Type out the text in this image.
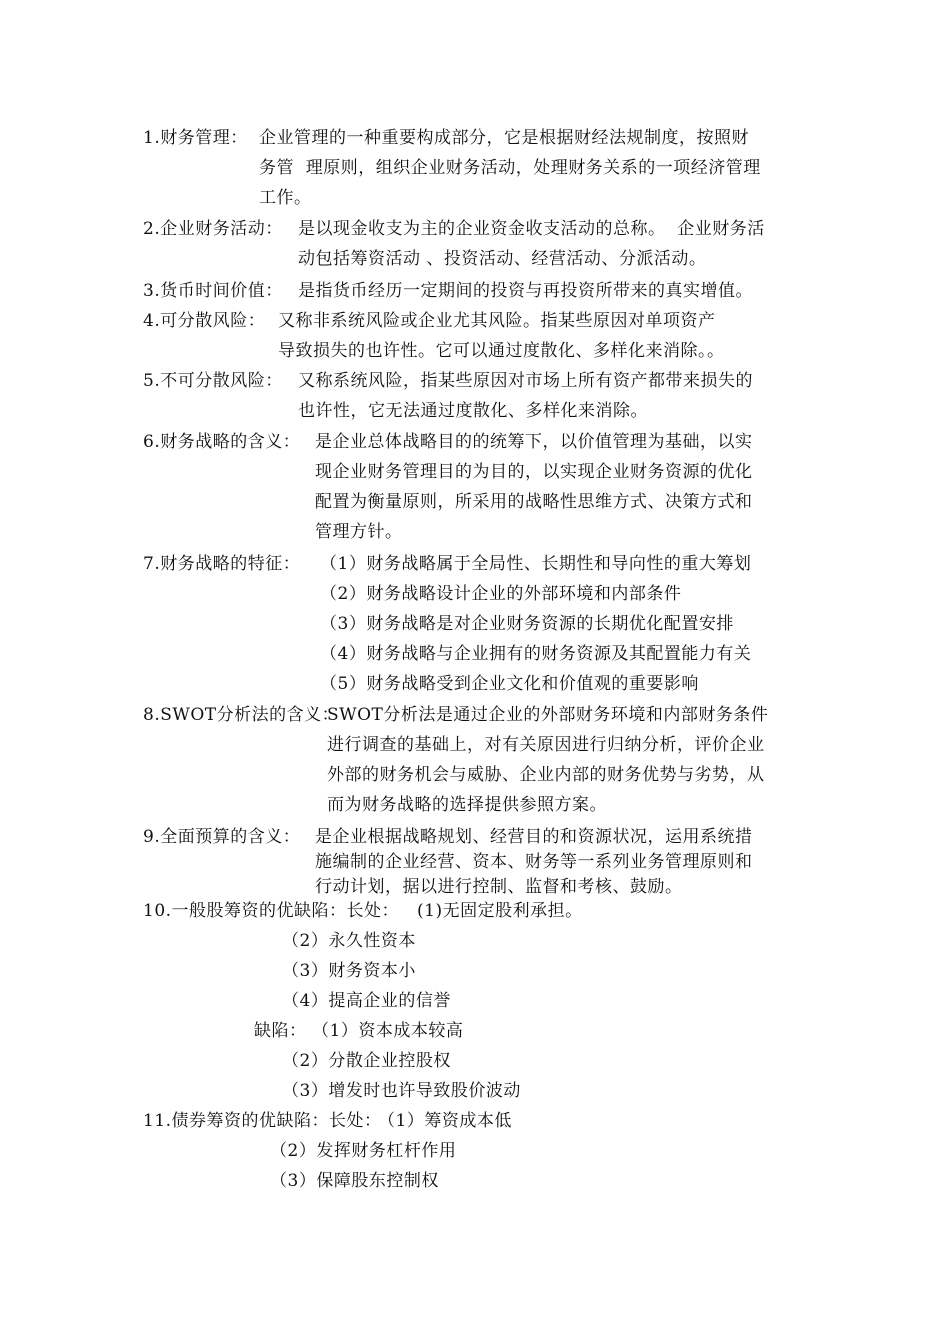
1.财务管理： 企业管理的一种重要构成部分，它是根据财经法规制度，按照财
务管  理原则，组织企业财务活动，处理财务关系的一项经济管理
工作。
2.企业财务活动： 是以现金收支为主的企业资金收支活动的总称。  企业财务活
动包括筹资活动 、投资活动、经营活动、分派活动。
3.货币时间价值： 是指货币经历一定期间的投资与再投资所带来的真实增值。
4.可分散风险： 又称非系统风险或企业尤其风险。指某些原因对单项资产
导致损失的也许性。它可以通过度散化、多样化来消除。。
5.不可分散风险： 又称系统风险，指某些原因对市场上所有资产都带来损失的
也许性，它无法通过度散化、多样化来消除。
6.财务战略的含义： 是企业总体战略目的的统筹下，以价值管理为基础，以实
现企业财务管理目的为目的，以实现企业财务资源的优化
配置为衡量原则，所采用的战略性思维方式、决策方式和
管理方针。
7.财务战略的特征： （1）财务战略属于全局性、长期性和导向性的重大筹划
（2）财务战略设计企业的外部环境和内部条件
（3）财务战略是对企业财务资源的长期优化配置安排
（4）财务战略与企业拥有的财务资源及其配置能力有关
（5）财务战略受到企业文化和价值观的重要影响
8.SWOT分析法的含义：
SWOT分析法是通过企业的外部财务环境和内部财务条件
进行调查的基础上，对有关原因进行归纳分析，评价企业
外部的财务机会与威胁、企业内部的财务优势与劣势，从
而为财务战略的选择提供参照方案。
9.全面预算的含义： 是企业根据战略规划、经营目的和资源状况，运用系统措
施编制的企业经营、资本、财务等一系列业务管理原则和
行动计划，据以进行控制、监督和考核、鼓励。
10.一般股筹资的优缺陷：长处： (1)无固定股利承担。
（2）永久性资本
（3）财务资本小
（4）提高企业的信誉
缺陷： （1）资本成本较高
（2）分散企业控股权
（3）增发时也许导致股价波动
11.债券筹资的优缺陷：长处：
（1）筹资成本低
（2）发挥财务杠杆作用
（3）保障股东控制权
